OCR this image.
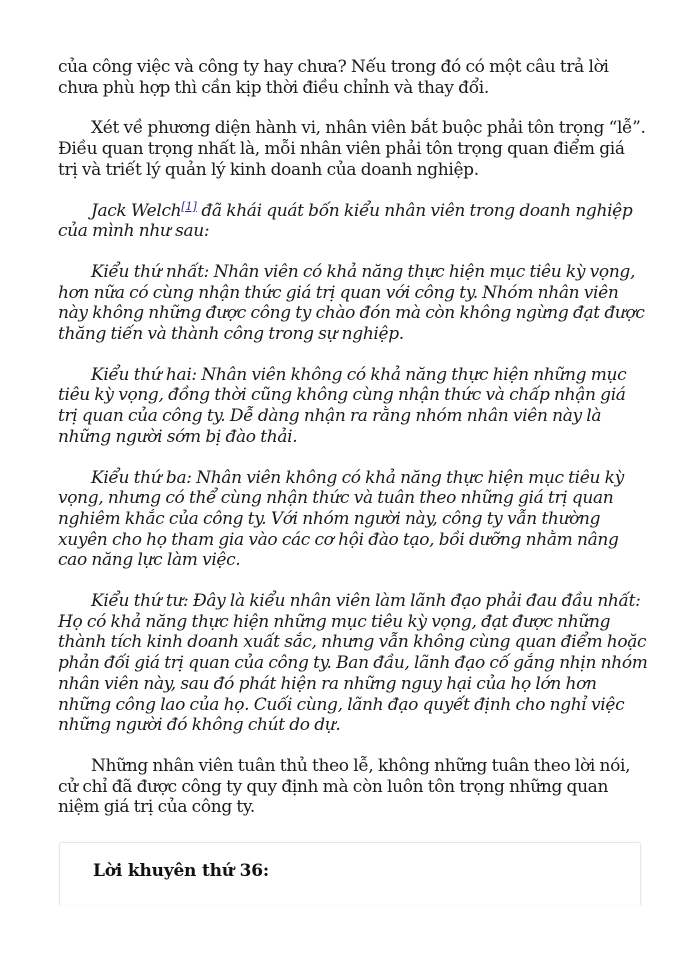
của công việc và công ty hay chưa? Nếu trong đó có một câu trả lời chưa phù hợp thì cần kịp thời điều chỉnh và thay đổi.

Xét về phương diện hành vi, nhân viên bắt buộc phải tôn trọng “lễ”. Điều quan trọng nhất là, mỗi nhân viên phải tôn trọng quan điểm giá trị và triết lý quản lý kinh doanh của doanh nghiệp.

Jack Welch[1] đã khái quát bốn kiểu nhân viên trong doanh nghiệp của mình như sau:

Kiểu thứ nhất: Nhân viên có khả năng thực hiện mục tiêu kỳ vọng, hơn nữa có cùng nhận thức giá trị quan với công ty. Nhóm nhân viên này không những được công ty chào đón mà còn không ngừng đạt được thăng tiến và thành công trong sự nghiệp.

Kiểu thứ hai: Nhân viên không có khả năng thực hiện những mục tiêu kỳ vọng, đồng thời cũng không cùng nhận thức và chấp nhận giá trị quan của công ty. Dễ dàng nhận ra rằng nhóm nhân viên này là những người sớm bị đào thải.

Kiểu thứ ba: Nhân viên không có khả năng thực hiện mục tiêu kỳ vọng, nhưng có thể cùng nhận thức và tuân theo những giá trị quan nghiêm khắc của công ty. Với nhóm người này, công ty vẫn thường xuyên cho họ tham gia vào các cơ hội đào tạo, bồi dưỡng nhằm nâng cao năng lực làm việc.

Kiểu thứ tư: Đây là kiểu nhân viên làm lãnh đạo phải đau đầu nhất: Họ có khả năng thực hiện những mục tiêu kỳ vọng, đạt được những thành tích kinh doanh xuất sắc, nhưng vẫn không cùng quan điểm hoặc phản đối giá trị quan của công ty. Ban đầu, lãnh đạo cố gắng nhịn nhóm nhân viên này, sau đó phát hiện ra những nguy hại của họ lớn hơn những công lao của họ. Cuối cùng, lãnh đạo quyết định cho nghỉ việc những người đó không chút do dự.

Những nhân viên tuân thủ theo lễ, không những tuân theo lời nói, cử chỉ đã được công ty quy định mà còn luôn tôn trọng những quan niệm giá trị của công ty.

Lời khuyên thứ 36:
